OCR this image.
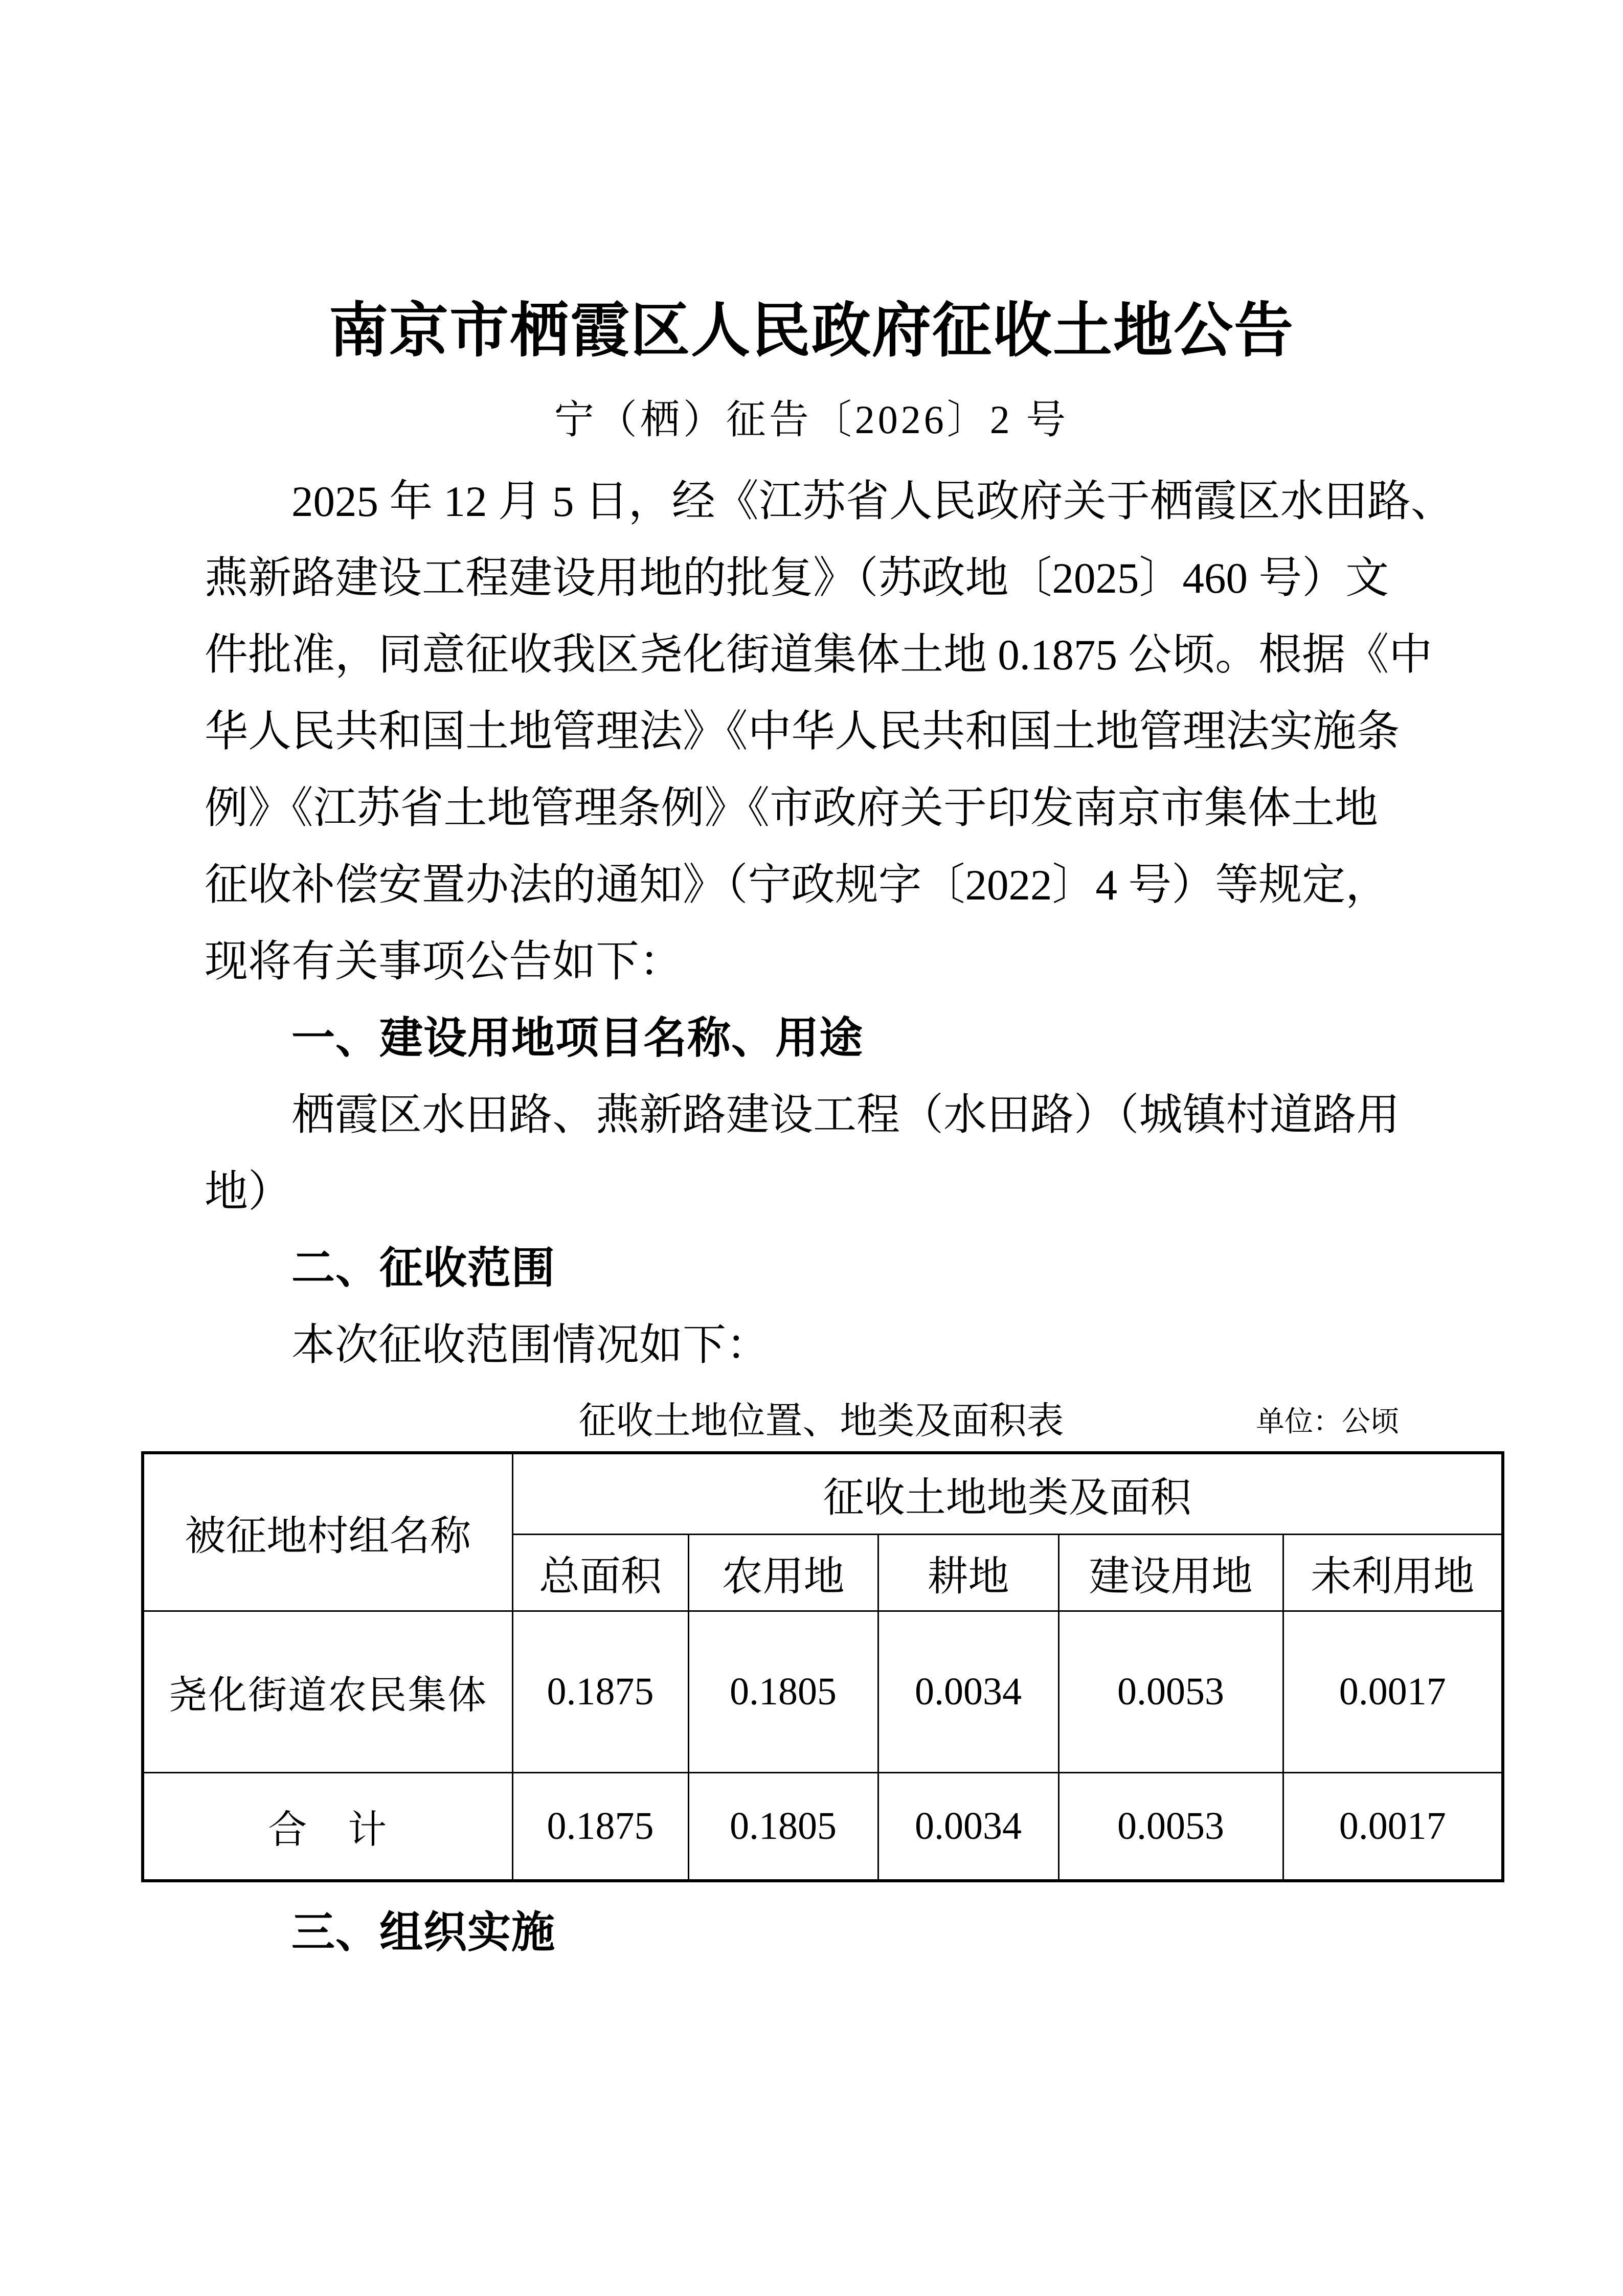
南京市栖霞区人民政府征收土地公告
宁（栖）征告〔2026〕2 号
2025 年 12 月 5 日，经《江苏省人民政府关于栖霞区水田路、
燕新路建设工程建设用地的批复》（苏政地〔2025〕460 号）文
件批准，同意征收我区尧化街道集体土地 0.1875 公顷。根据《中
华人民共和国土地管理法》《中华人民共和国土地管理法实施条
例》《江苏省土地管理条例》《市政府关于印发南京市集体土地
征收补偿安置办法的通知》（宁政规字〔2022〕4 号）等规定，
现将有关事项公告如下：
一、建设用地项目名称、用途
栖霞区水田路、燕新路建设工程（水田路）（城镇村道路用
地）
二、征收范围
本次征收范围情况如下：
征收土地位置、地类及面积表	单位：公顷
被征地村组名称	征收土地地类及面积				
	总面积	农用地	耕地	建设用地	未利用地
尧化街道农民集体	0.1875	0.1805	0.0034	0.0053	0.0017
合　计	0.1875	0.1805	0.0034	0.0053	0.0017
三、组织实施
